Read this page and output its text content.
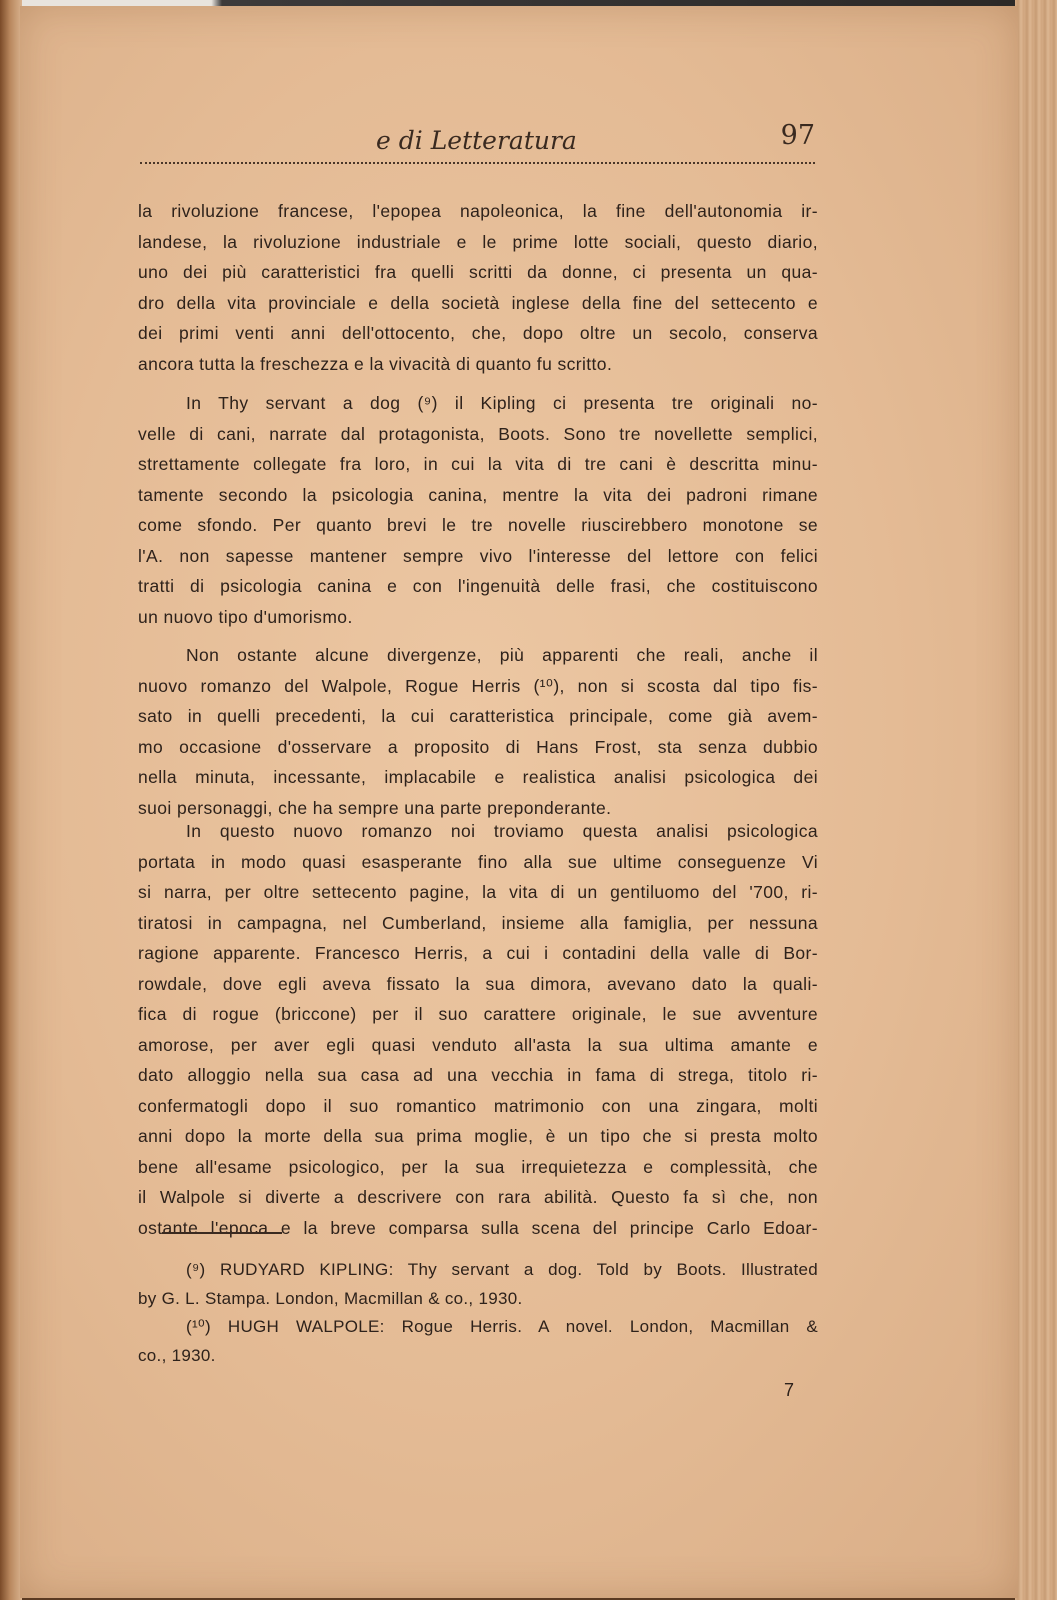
e di Letteratura	97
la rivoluzione francese, l'epopea napoleonica, la fine dell'autonomia ir-
landese, la rivoluzione industriale e le prime lotte sociali, questo diario,
uno dei più caratteristici fra quelli scritti da donne, ci presenta un qua-
dro della vita provinciale e della società inglese della fine del settecento e
dei primi venti anni dell'ottocento, che, dopo oltre un secolo, conserva
ancora tutta la freschezza e la vivacità di quanto fu scritto.
In Thy servant a dog (⁹) il Kipling ci presenta tre originali no-
velle di cani, narrate dal protagonista, Boots. Sono tre novellette semplici,
strettamente collegate fra loro, in cui la vita di tre cani è descritta minu-
tamente secondo la psicologia canina, mentre la vita dei padroni rimane
come sfondo. Per quanto brevi le tre novelle riuscirebbero monotone se
l'A. non sapesse mantener sempre vivo l'interesse del lettore con felici
tratti di psicologia canina e con l'ingenuità delle frasi, che costituiscono
un nuovo tipo d'umorismo.
Non ostante alcune divergenze, più apparenti che reali, anche il
nuovo romanzo del Walpole, Rogue Herris (¹⁰), non si scosta dal tipo fis-
sato in quelli precedenti, la cui caratteristica principale, come già avem-
mo occasione d'osservare a proposito di Hans Frost, sta senza dubbio
nella minuta, incessante, implacabile e realistica analisi psicologica dei
suoi personaggi, che ha sempre una parte preponderante.
In questo nuovo romanzo noi troviamo questa analisi psicologica
portata in modo quasi esasperante fino alla sue ultime conseguenze Vi
si narra, per oltre settecento pagine, la vita di un gentiluomo del '700, ri-
tiratosi in campagna, nel Cumberland, insieme alla famiglia, per nessuna
ragione apparente. Francesco Herris, a cui i contadini della valle di Bor-
rowdale, dove egli aveva fissato la sua dimora, avevano dato la quali-
fica di rogue (briccone) per il suo carattere originale, le sue avventure
amorose, per aver egli quasi venduto all'asta la sua ultima amante e
dato alloggio nella sua casa ad una vecchia in fama di strega, titolo ri-
confermatogli dopo il suo romantico matrimonio con una zingara, molti
anni dopo la morte della sua prima moglie, è un tipo che si presta molto
bene all'esame psicologico, per la sua irrequietezza e complessità, che
il Walpole si diverte a descrivere con rara abilità. Questo fa sì che, non
ostante l'epoca e la breve comparsa sulla scena del principe Carlo Edoar-
(⁹) RUDYARD KIPLING: Thy servant a dog. Told by Boots. Illustrated
by G. L. Stampa. London, Macmillan & co., 1930.
(¹⁰) HUGH WALPOLE: Rogue Herris. A novel. London, Macmillan &
co., 1930.
7
